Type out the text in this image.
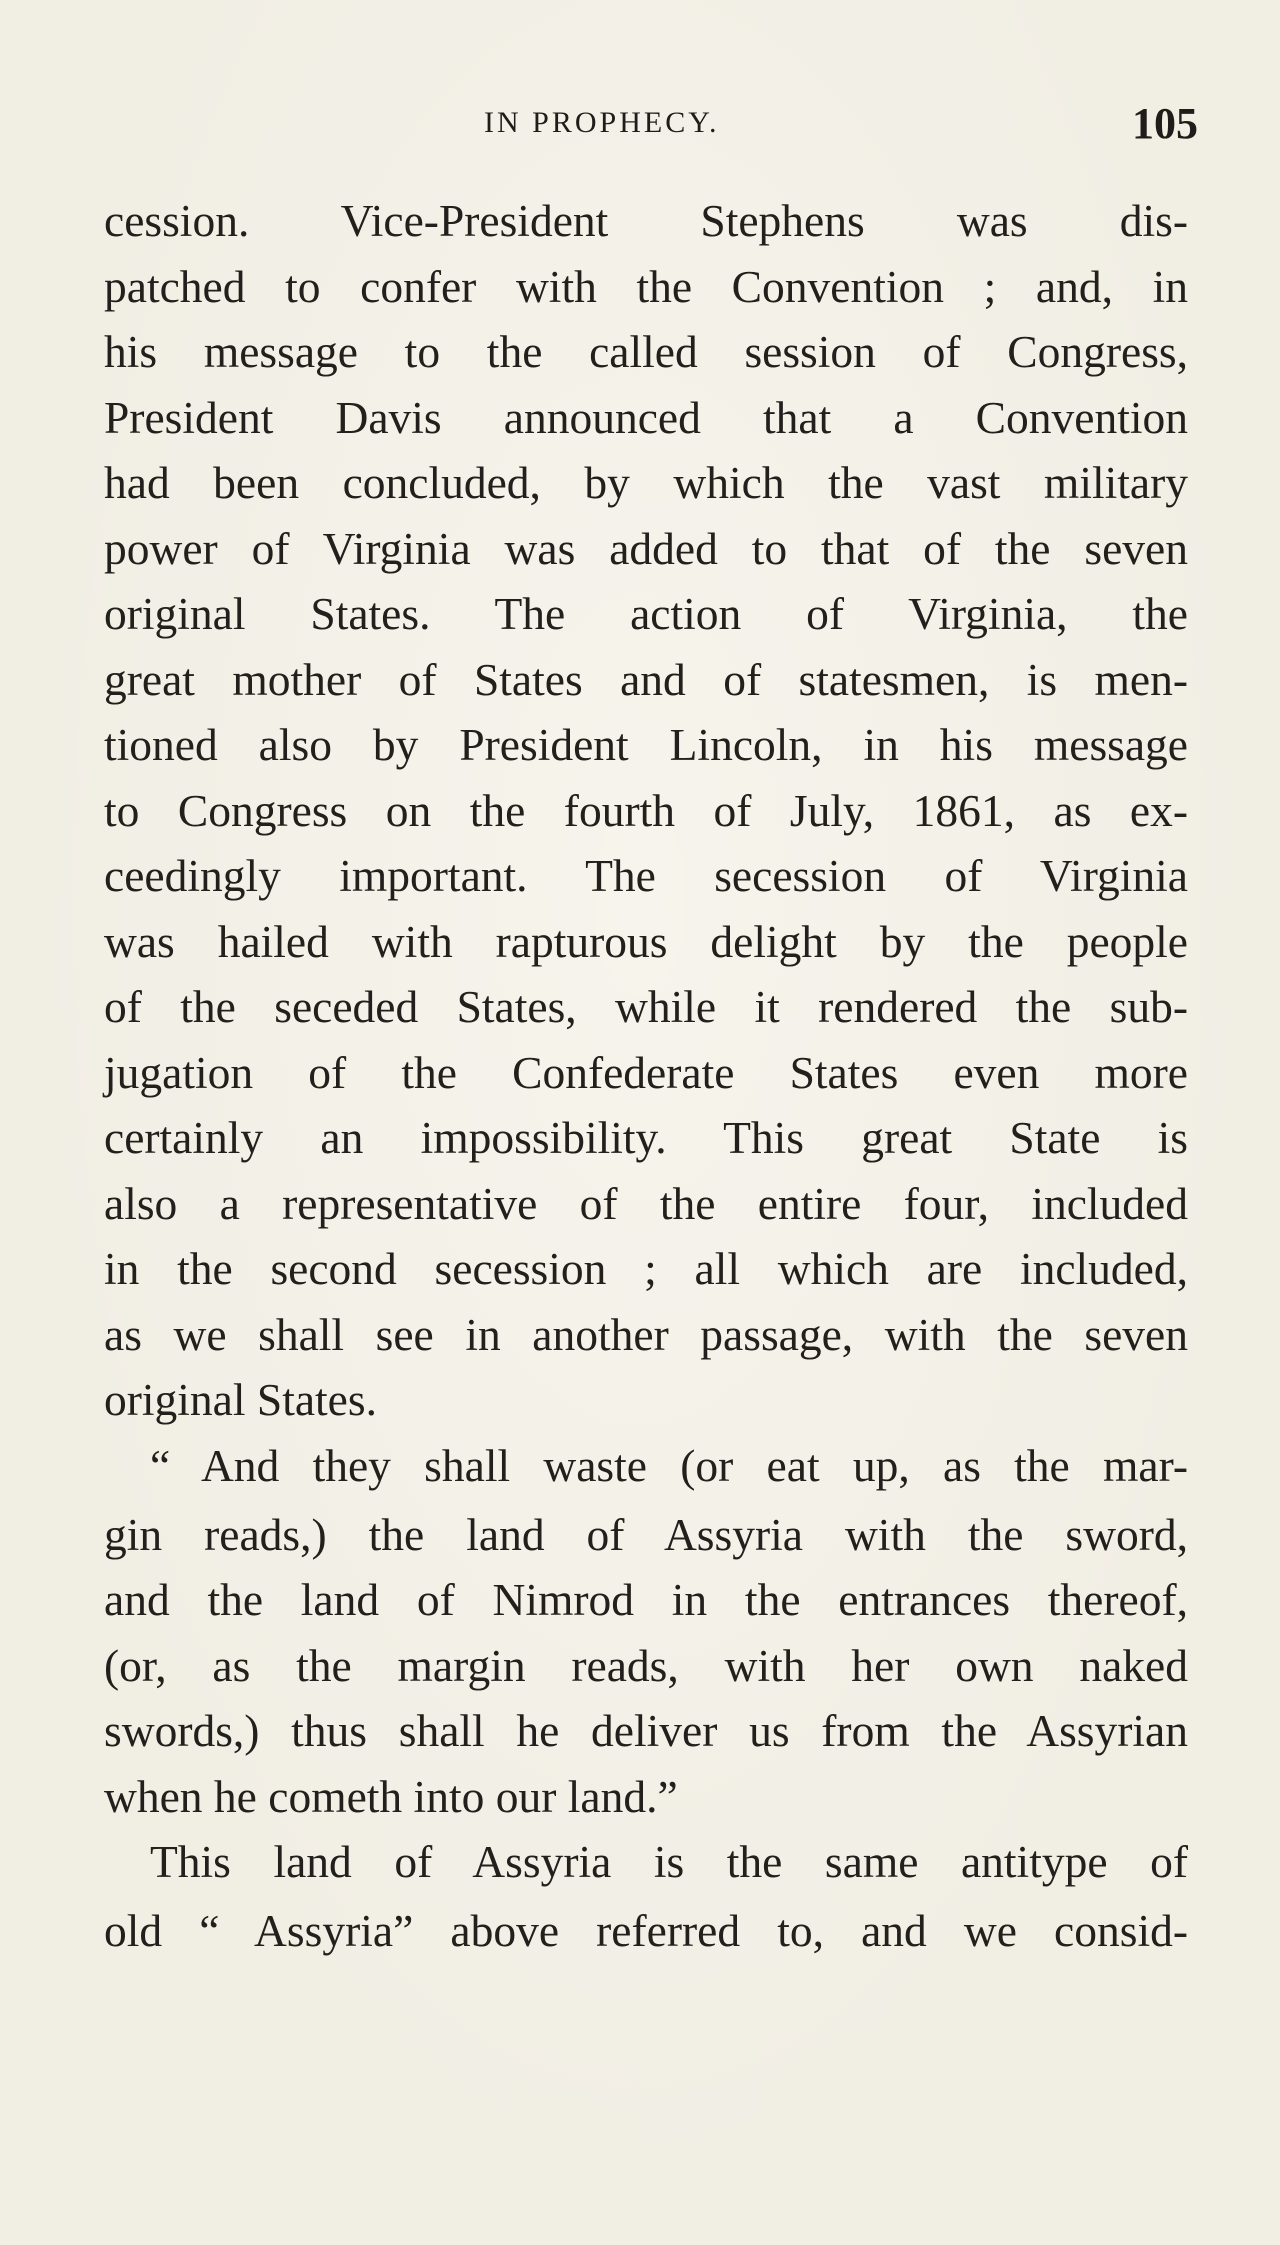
IN PROPHECY.	105
cession. Vice-President Stephens was dis-
patched to confer with the Convention ; and, in
his message to the called session of Congress,
President Davis announced that a Convention
had been concluded, by which the vast military
power of Virginia was added to that of the seven
original States. The action of Virginia, the
great mother of States and of statesmen, is men-
tioned also by President Lincoln, in his message
to Congress on the fourth of July, 1861, as ex-
ceedingly important. The secession of Virginia
was hailed with rapturous delight by the people
of the seceded States, while it rendered the sub-
jugation of the Confederate States even more
certainly an impossibility. This great State is
also a representative of the entire four, included
in the second secession ; all which are included,
as we shall see in another passage, with the seven
original States.
“ And they shall waste (or eat up, as the mar-
gin reads,) the land of Assyria with the sword,
and the land of Nimrod in the entrances thereof,
(or, as the margin reads, with her own naked
swords,) thus shall he deliver us from the Assyrian
when he cometh into our land.”
This land of Assyria is the same antitype of
old “ Assyria” above referred to, and we consid-
